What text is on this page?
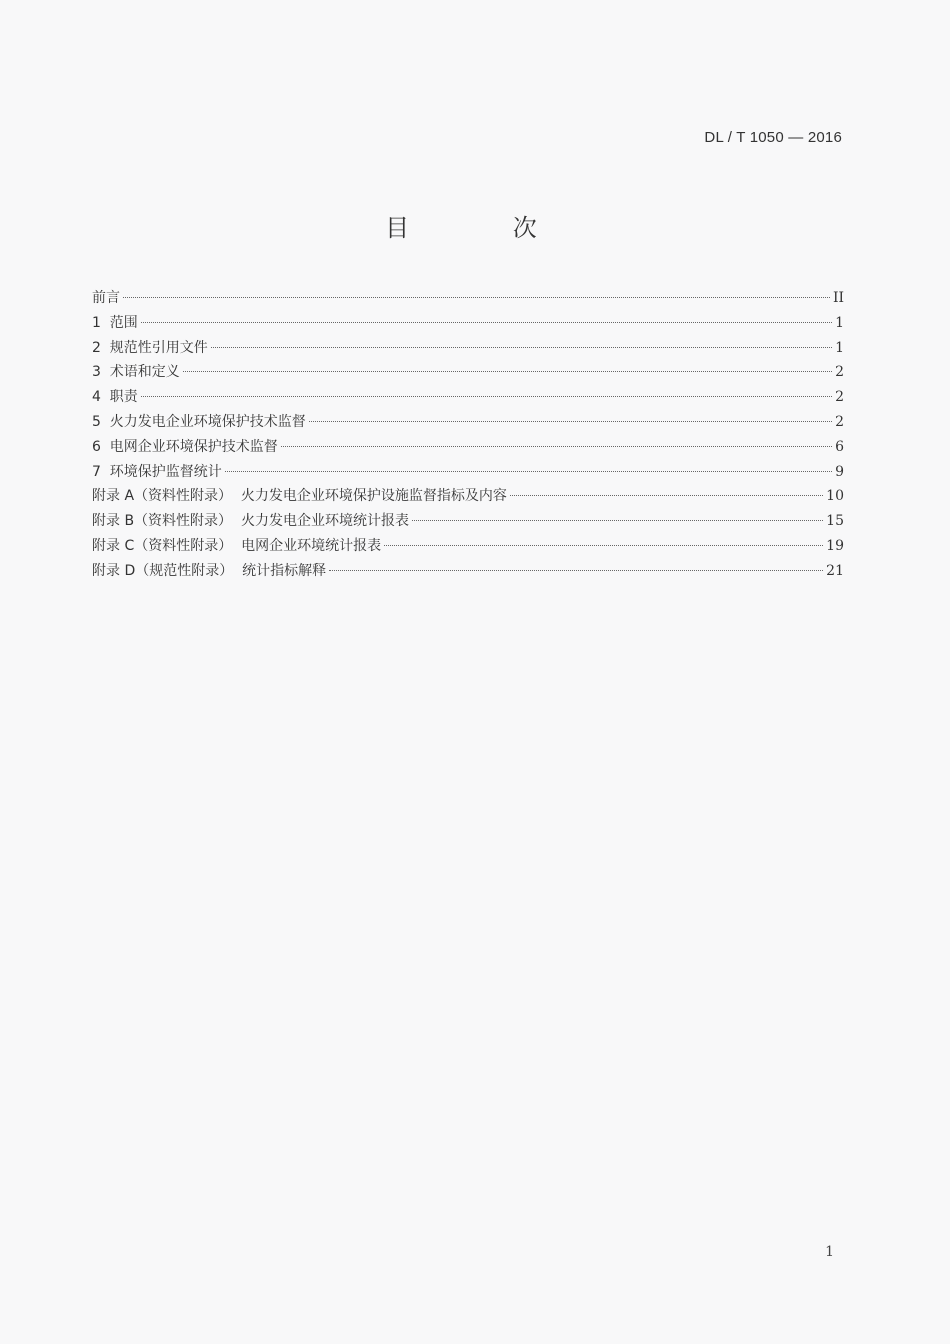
DL / T 1050 — 2016
目 次
前言	II
1  范围	1
2  规范性引用文件	1
3  术语和定义	2
4  职责	2
5  火力发电企业环境保护技术监督	2
6  电网企业环境保护技术监督	6
7  环境保护监督统计	9
附录 A（资料性附录）  火力发电企业环境保护设施监督指标及内容	10
附录 B（资料性附录）  火力发电企业环境统计报表	15
附录 C（资料性附录）  电网企业环境统计报表	19
附录 D（规范性附录）  统计指标解释	21
1
